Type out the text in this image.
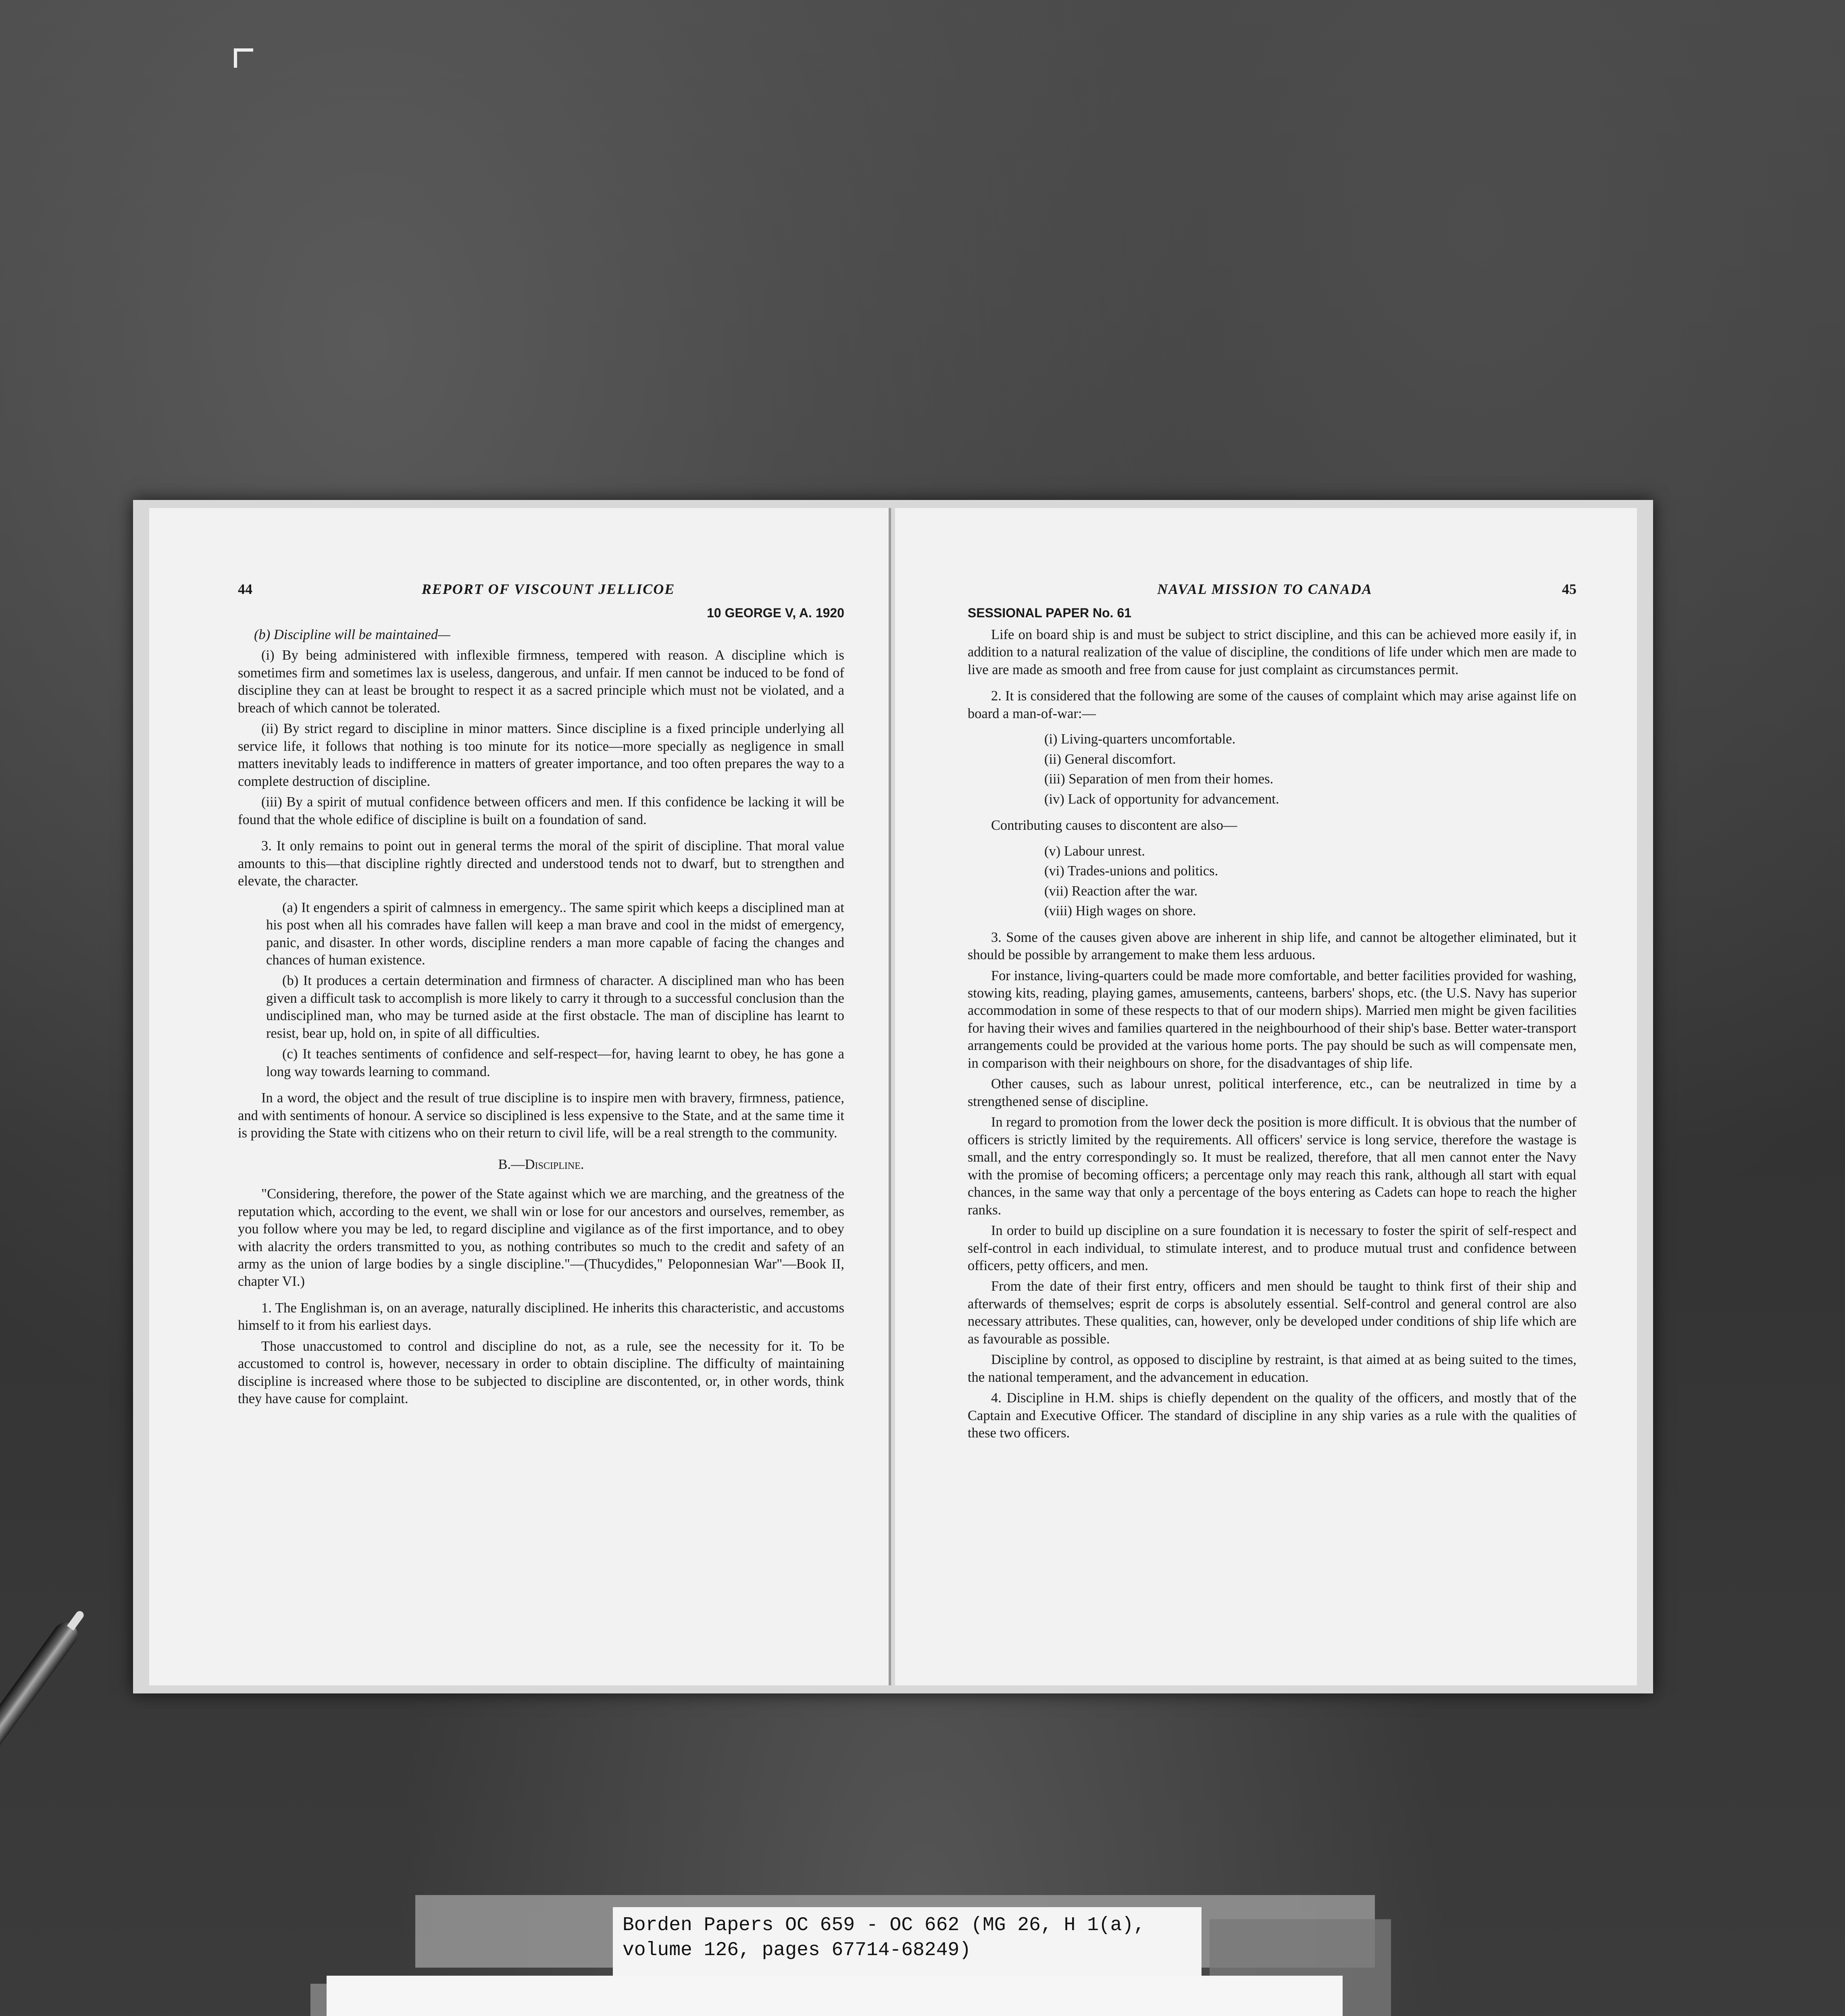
44	REPORT OF VISCOUNT JELLICOE
10 GEORGE V, A. 1920

(b) Discipline will be maintained—

(i) By being administered with inflexible firmness, tempered with reason. A discipline which is sometimes firm and sometimes lax is useless, dangerous, and unfair. If men cannot be induced to be fond of discipline they can at least be brought to respect it as a sacred principle which must not be violated, and a breach of which cannot be tolerated.

(ii) By strict regard to discipline in minor matters. Since discipline is a fixed principle underlying all service life, it follows that nothing is too minute for its notice—more specially as negligence in small matters inevitably leads to indifference in matters of greater importance, and too often prepares the way to a complete destruction of discipline.

(iii) By a spirit of mutual confidence between officers and men. If this confidence be lacking it will be found that the whole edifice of discipline is built on a foundation of sand.

3. It only remains to point out in general terms the moral of the spirit of discipline. That moral value amounts to this—that discipline rightly directed and understood tends not to dwarf, but to strengthen and elevate, the character.

(a) It engenders a spirit of calmness in emergency.. The same spirit which keeps a disciplined man at his post when all his comrades have fallen will keep a man brave and cool in the midst of emergency, panic, and disaster. In other words, discipline renders a man more capable of facing the changes and chances of human existence.

(b) It produces a certain determination and firmness of character. A disciplined man who has been given a difficult task to accomplish is more likely to carry it through to a successful conclusion than the undisciplined man, who may be turned aside at the first obstacle. The man of discipline has learnt to resist, bear up, hold on, in spite of all difficulties.

(c) It teaches sentiments of confidence and self-respect—for, having learnt to obey, he has gone a long way towards learning to command.

In a word, the object and the result of true discipline is to inspire men with bravery, firmness, patience, and with sentiments of honour. A service so disciplined is less expensive to the State, and at the same time it is providing the State with citizens who on their return to civil life, will be a real strength to the community.

B.—Discipline.

"Considering, therefore, the power of the State against which we are marching, and the greatness of the reputation which, according to the event, we shall win or lose for our ancestors and ourselves, remember, as you follow where you may be led, to regard discipline and vigilance as of the first importance, and to obey with alacrity the orders transmitted to you, as nothing contributes so much to the credit and safety of an army as the union of large bodies by a single discipline."—(Thucydides," Peloponnesian War"—Book II, chapter VI.)

1. The Englishman is, on an average, naturally disciplined. He inherits this characteristic, and accustoms himself to it from his earliest days.

Those unaccustomed to control and discipline do not, as a rule, see the necessity for it. To be accustomed to control is, however, necessary in order to obtain discipline. The difficulty of maintaining discipline is increased where those to be subjected to discipline are discontented, or, in other words, think they have cause for complaint.

NAVAL MISSION TO CANADA	45
SESSIONAL PAPER No. 61

Life on board ship is and must be subject to strict discipline, and this can be achieved more easily if, in addition to a natural realization of the value of discipline, the conditions of life under which men are made to live are made as smooth and free from cause for just complaint as circumstances permit.

2. It is considered that the following are some of the causes of complaint which may arise against life on board a man-of-war:—

(i) Living-quarters uncomfortable.
(ii) General discomfort.
(iii) Separation of men from their homes.
(iv) Lack of opportunity for advancement.

Contributing causes to discontent are also—

(v) Labour unrest.
(vi) Trades-unions and politics.
(vii) Reaction after the war.
(viii) High wages on shore.

3. Some of the causes given above are inherent in ship life, and cannot be altogether eliminated, but it should be possible by arrangement to make them less arduous.

For instance, living-quarters could be made more comfortable, and better facilities provided for washing, stowing kits, reading, playing games, amusements, canteens, barbers' shops, etc. (the U.S. Navy has superior accommodation in some of these respects to that of our modern ships). Married men might be given facilities for having their wives and families quartered in the neighbourhood of their ship's base. Better water-transport arrangements could be provided at the various home ports. The pay should be such as will compensate men, in comparison with their neighbours on shore, for the disadvantages of ship life.

Other causes, such as labour unrest, political interference, etc., can be neutralized in time by a strengthened sense of discipline.

In regard to promotion from the lower deck the position is more difficult. It is obvious that the number of officers is strictly limited by the requirements. All officers' service is long service, therefore the wastage is small, and the entry correspondingly so. It must be realized, therefore, that all men cannot enter the Navy with the promise of becoming officers; a percentage only may reach this rank, although all start with equal chances, in the same way that only a percentage of the boys entering as Cadets can hope to reach the higher ranks.

In order to build up discipline on a sure foundation it is necessary to foster the spirit of self-respect and self-control in each individual, to stimulate interest, and to produce mutual trust and confidence between officers, petty officers, and men.

From the date of their first entry, officers and men should be taught to think first of their ship and afterwards of themselves; esprit de corps is absolutely essential. Self-control and general control are also necessary attributes. These qualities, can, however, only be developed under conditions of ship life which are as favourable as possible.

Discipline by control, as opposed to discipline by restraint, is that aimed at as being suited to the times, the national temperament, and the advancement in education.

4. Discipline in H.M. ships is chiefly dependent on the quality of the officers, and mostly that of the Captain and Executive Officer. The standard of discipline in any ship varies as a rule with the qualities of these two officers.

Borden Papers OC 659 - OC 662 (MG 26, H 1(a),
volume 126, pages 67714-68249)
